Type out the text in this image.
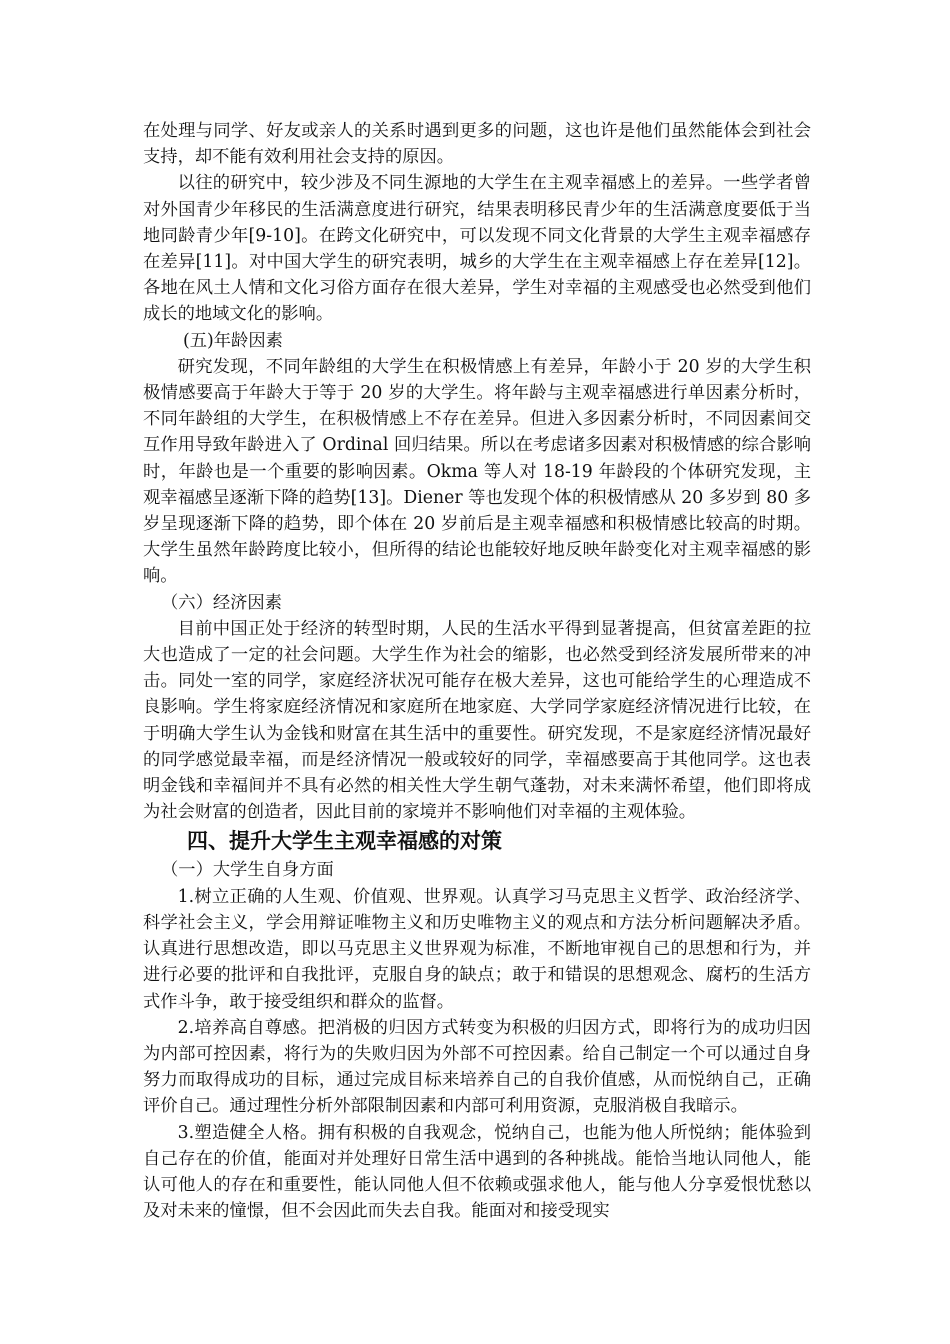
在处理与同学、好友或亲人的关系时遇到更多的问题，这也许是他们虽然能体会到社会支持，却不能有效利用社会支持的原因。

以往的研究中，较少涉及不同生源地的大学生在主观幸福感上的差异。一些学者曾对外国青少年移民的生活满意度进行研究，结果表明移民青少年的生活满意度要低于当地同龄青少年[9-10]。在跨文化研究中，可以发现不同文化背景的大学生主观幸福感存在差异[11]。对中国大学生的研究表明，城乡的大学生在主观幸福感上存在差异[12]。各地在风土人情和文化习俗方面存在很大差异，学生对幸福的主观感受也必然受到他们成长的地域文化的影响。

(五)年龄因素

研究发现，不同年龄组的大学生在积极情感上有差异，年龄小于 20 岁的大学生积极情感要高于年龄大于等于 20 岁的大学生。将年龄与主观幸福感进行单因素分析时，不同年龄组的大学生，在积极情感上不存在差异。但进入多因素分析时，不同因素间交互作用导致年龄进入了 Ordinal 回归结果。所以在考虑诸多因素对积极情感的综合影响时，年龄也是一个重要的影响因素。Okma 等人对 18-19 年龄段的个体研究发现，主观幸福感呈逐渐下降的趋势[13]。Diener 等也发现个体的积极情感从 20 多岁到 80 多岁呈现逐渐下降的趋势，即个体在 20 岁前后是主观幸福感和积极情感比较高的时期。大学生虽然年龄跨度比较小，但所得的结论也能较好地反映年龄变化对主观幸福感的影响。

（六）经济因素

目前中国正处于经济的转型时期，人民的生活水平得到显著提高，但贫富差距的拉大也造成了一定的社会问题。大学生作为社会的缩影，也必然受到经济发展所带来的冲击。同处一室的同学，家庭经济状况可能存在极大差异，这也可能给学生的心理造成不良影响。学生将家庭经济情况和家庭所在地家庭、大学同学家庭经济情况进行比较，在于明确大学生认为金钱和财富在其生活中的重要性。研究发现，不是家庭经济情况最好的同学感觉最幸福，而是经济情况一般或较好的同学，幸福感要高于其他同学。这也表明金钱和幸福间并不具有必然的相关性大学生朝气蓬勃，对未来满怀希望，他们即将成为社会财富的创造者，因此目前的家境并不影响他们对幸福的主观体验。

四、提升大学生主观幸福感的对策

（一）大学生自身方面

1.树立正确的人生观、价值观、世界观。认真学习马克思主义哲学、政治经济学、科学社会主义，学会用辩证唯物主义和历史唯物主义的观点和方法分析问题解决矛盾。认真进行思想改造，即以马克思主义世界观为标准，不断地审视自己的思想和行为，并进行必要的批评和自我批评，克服自身的缺点；敢于和错误的思想观念、腐朽的生活方式作斗争，敢于接受组织和群众的监督。

2.培养高自尊感。把消极的归因方式转变为积极的归因方式，即将行为的成功归因为内部可控因素，将行为的失败归因为外部不可控因素。给自己制定一个可以通过自身努力而取得成功的目标，通过完成目标来培养自己的自我价值感，从而悦纳自己，正确评价自己。通过理性分析外部限制因素和内部可利用资源，克服消极自我暗示。

3.塑造健全人格。拥有积极的自我观念，悦纳自己，也能为他人所悦纳；能体验到自己存在的价值，能面对并处理好日常生活中遇到的各种挑战。能恰当地认同他人，能认可他人的存在和重要性，能认同他人但不依赖或强求他人，能与他人分享爱恨忧愁以及对未来的憧憬，但不会因此而失去自我。能面对和接受现实
